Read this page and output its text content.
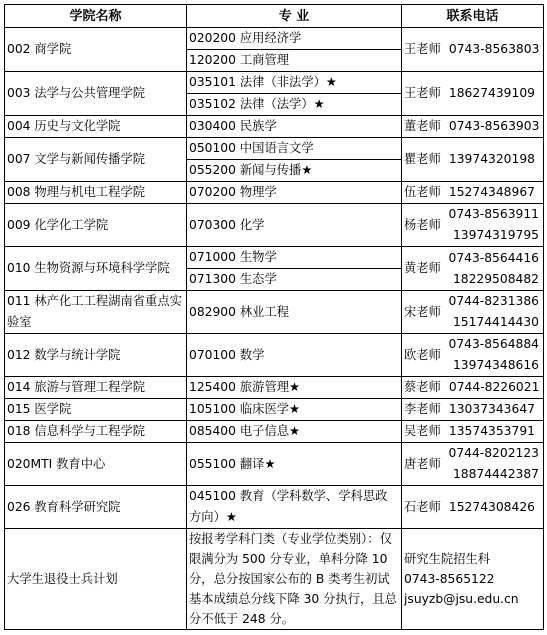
学院名称	专 业	联系电话
002 商学院	020200 应用经济学	王老师 0743-8563803

	120200 工商管理	
003 法学与公共管理学院	035101 法律（非法学）★	王老师 18627439109

	035102 法律（法学）★	
004 历史与文化学院	030400 民族学	董老师 0743-8563903

007 文学与新闻传播学院	050100 中国语言文学	瞿老师 13974320198

	055200 新闻与传播★	
008 物理与机电工程学院	070200 物理学	伍老师 15274348967

009 化学化工学院	070300 化学	杨老师
0743-8563911
13974319795

010 生物资源与环境科学学院	071000 生物学	黄老师
0743-8564416
18229508482

	071300 生态学	
011 林产化工工程湖南省重点实验室	082900 林业工程	宋老师
0744-8231386
15174414430

012 数学与统计学院	070100 数学	欧老师
0743-8564884
13974348616

014 旅游与管理工程学院	125400 旅游管理★	蔡老师 0744-8226021

015 医学院	105100 临床医学★	李老师 13037343647

018 信息科学与工程学院	085400 电子信息★	吴老师 13574353791

020MTI 教育中心	055100 翻译★	唐老师
0744-8202123
18874442387

026 教育科学研究院	045100 教育（学科数学、学科思政方向）★	石老师 15274308426

大学生退役士兵计划	按报考学科门类（专业学位类别）：仅限满分为 500 分专业，单科分降 10 分，总分按国家公布的 B 类考生初试基本成绩总分线下降 30 分执行，且总分不低于 248 分。	研究生院招生科
0743-8565122
jsuyzb@jsu.edu.cn
